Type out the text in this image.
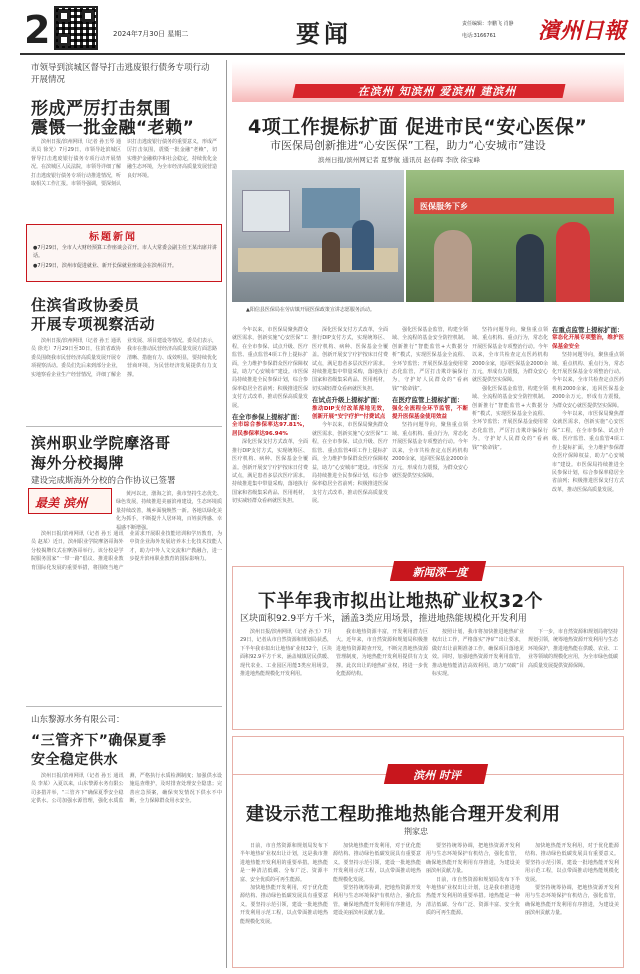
2	2024年7月30日 星期二	要闻	责任编辑：李鹏飞 肖静
电话:3166761 濱州日報
市领导到滨城区督导打击逃废银行债务专项行动开展情况
形成严厉打击氛围
震慑一批金融“老赖”

滨州日报/滨州网讯（记者 孙玉琴 通讯员 徐光）7月29日，市领导赴滨城区督导打击逃废银行债务专项行动开展情况。在滨城区人民法院，市领导详细了解打击逃废银行债务专项行动推进情况，听取相关工作汇报。市领导强调，要深刻认识打击逃废银行债务的重要意义，形成严厉打击氛围，震慑一批金融“老赖”，切实维护金融秩序和社会稳定，持续优化金融生态环境，为全市经济高质量发展营造良好环境。

标题新闻
●7月29日，全市人大财经预算工作座谈会召开。市人大常委会副主任王某出席并讲话。
●7月29日，滨州市促进就业、新开长保就业座谈会在滨州召开。
住滨省政协委员
开展专项视察活动

滨州日报/滨州网讯（记者 孙王 通讯员 徐光）7月29日至30日，住滨省政协委员围绕我市民营经济高质量发展开展专项视察活动。委员们先后来到部分企业，实地察看企业生产经营情况，详细了解企业发展、项目建设等情况。委员们表示，我市在推动民营经济高质量发展方面思路清晰、措施有力、成效明显，要持续优化营商环境，为民营经济发展提供有力支撑。

滨州职业学院摩洛哥
海外分校揭牌
建设完成斯海外分校的合作协议已签署
最美 滨州

黄河以北，渤海之滨，我市坚持生态优先、绿色发展，持续推进美丽滨州建设，生态环境质量持续改善，城乡面貌焕然一新。各地以绿化美化为抓手，不断提升人居环境，百姓获得感、幸福感不断增强。

滨州日报/滨州网讯（记者 孙玉 通讯员 赵某）近日，滨州职业学院摩洛哥海外分校揭牌仪式在摩洛哥举行。该分校是学院服务国家“一带一路”倡议、推进职业教育国际化发展的重要举措，将围绕当地产业需求开展职业技能培训和学历教育，为中资企业海外发展培养本土化技术技能人才，助力中外人文交流和产教融合，进一步提升滨州职业教育的国际影响力。

山东黎源水务有限公司：
“三管齐下”确保夏季
安全稳定供水

滨州日报/滨州网讯（记者 孙玉 通讯员 李某）入夏以来，山东黎源水务有限公司多措并举，“三管齐下”确保夏季安全稳定供水。公司加强水源管理，强化水质监测，严格执行水质检测制度；加强供水设施巡查维护，及时排查处理安全隐患；完善应急预案，确保突发情况下供水不中断，全力保障群众用水安全。

在滨州 知滨州 爱滨州 建滨州
4项工作提标扩面 促进市民“安心医保”
市医保局创新推进“心安医保”工程，助力“心安城市”建设
滨州日报/滨州网记者 夏梦航 通讯员 赵春晖 李欣 徐宝峰
医保服务下乡
▲阳信县医保局在劳店镇开展医保政策宣讲志愿服务活动。

今年以来，市医保局聚焦群众就医需求，创新实施“心安医保”工程，在全市参保、试点升级、医疗监管、重点监管4项工作上提标扩面，全力维护参保群众医疗保障权益，助力“心安城市”建设。市医保局持续推进全民参保计划，综合参保率稳居全省前列；积极推进医保支付方式改革，推动医保高质量发展。

在全市参保上提标扩面：
全市综合参保率达97.81%，居民参保率达96.94%

深化医保支付方式改革，全面推行DIP支付方式，实现统筹区、医疗机构、病种、医保基金全覆盖。创新开展安宁疗护按床日付费试点，满足患者多层次医疗需求。持续推进集中带量采购，落地执行国家和省级集采药品、医用耗材，切实减轻群众看病就医负担。

深化医保支付方式改革，全面推行DIP支付方式，实现统筹区、医疗机构、病种、医保基金全覆盖。创新开展安宁疗护按床日付费试点，满足患者多层次医疗需求。持续推进集中带量采购，落地执行国家和省级集采药品、医用耗材，切实减轻群众看病就医负担。

在试点升级上提标扩面：
推动DIP支付改革落地见效，创新开展“安宁疗护”付费试点

今年以来，市医保局聚焦群众就医需求，创新实施“心安医保”工程，在全市参保、试点升级、医疗监管、重点监管4项工作上提标扩面，全力维护参保群众医疗保障权益，助力“心安城市”建设。市医保局持续推进全民参保计划，综合参保率稳居全省前列；积极推进医保支付方式改革，推动医保高质量发展。

强化医保基金监管，构建全领域、全流程的基金安全防控机制。创新推行“智能监管+大数据分析”模式，实现医保基金全流程、全环节监管；开展医保基金使用常态化监管，严厉打击欺诈骗保行为，守护好人民群众的“看病钱”“救命钱”。

在医疗监管上提标扩面：
强化全流程全环节监管，不断提升医保基金使用效益

坚持问题导向，聚焦重点领域、重点机构、重点行为，常态化开展医保基金专项整治行动。今年以来，全市共检查定点医药机构2000余家，追回医保基金2000余万元，形成有力震慑，为群众安心就医提供坚实保障。

坚持问题导向，聚焦重点领域、重点机构、重点行为，常态化开展医保基金专项整治行动。今年以来，全市共检查定点医药机构2000余家，追回医保基金2000余万元，形成有力震慑，为群众安心就医提供坚实保障。

强化医保基金监管，构建全领域、全流程的基金安全防控机制。创新推行“智能监管+大数据分析”模式，实现医保基金全流程、全环节监管；开展医保基金使用常态化监管，严厉打击欺诈骗保行为，守护好人民群众的“看病钱”“救命钱”。

在重点监管上提标扩面：
常态化开展专项整治，维护医保基金安全

坚持问题导向，聚焦重点领域、重点机构、重点行为，常态化开展医保基金专项整治行动。今年以来，全市共检查定点医药机构2000余家，追回医保基金2000余万元，形成有力震慑，为群众安心就医提供坚实保障。

今年以来，市医保局聚焦群众就医需求，创新实施“心安医保”工程，在全市参保、试点升级、医疗监管、重点监管4项工作上提标扩面，全力维护参保群众医疗保障权益，助力“心安城市”建设。市医保局持续推进全民参保计划，综合参保率稳居全省前列；积极推进医保支付方式改革，推动医保高质量发展。

新闻深一度
下半年我市拟出让地热矿业权32个
区块面积92.9平方千米，涵盖3类应用场景，推进地热能规模化开发利用

滨州日报/滨州网讯（记者 孙玉）7月29日，记者从市自然资源和规划局获悉，下半年我市拟出让地热矿业权32个，区块面积92.9平方千米，涵盖城镇居民供暖、现代农业、工业园区用能3类应用场景，推进地热能规模化开发利用。

我市地热资源丰富，开发利用潜力巨大。近年来，市自然资源和规划局积极推进地热资源勘查开发，不断完善地热资源管理制度，为地热能开发利用提供有力支撑。此次出让的地热矿业权，将进一步优化能源结构。

按照计划，我市将加快推进地热矿业权出让工作，严格落实“净矿”出让要求，做好出让前期准备工作，确保项目落地见效。同时，加强地热资源开发利用监管，推动地热能清洁高效利用，助力“双碳”目标实现。

下一步，市自然资源和规划局将坚持规划引领，统筹地热资源开发利用与生态环境保护，推进地热能在供暖、农业、工业等领域的规模化应用，为全市绿色低碳高质量发展提供资源保障。

滨州 时评
建设示范工程助推地热能合理开发利用
荆家忠

日前，市自然资源和规划局发布下半年地热矿业权出让计划，这是我市推进地热能开发利用的重要举措。地热能是一种清洁低碳、分布广泛、资源丰富、安全优质的可再生能源。

加快地热能开发利用，对于优化能源结构、推动绿色低碳发展具有重要意义。要坚持示范引领，建设一批地热能开发利用示范工程，以点带面推动地热能规模化发展。

加快地热能开发利用，对于优化能源结构、推动绿色低碳发展具有重要意义。要坚持示范引领，建设一批地热能开发利用示范工程，以点带面推动地热能规模化发展。

要坚持统筹协调，把地热资源开发利用与生态环境保护有机结合，强化监管，确保地热能开发利用有序推进，为建设美丽滨州贡献力量。

要坚持统筹协调，把地热资源开发利用与生态环境保护有机结合，强化监管，确保地热能开发利用有序推进，为建设美丽滨州贡献力量。

日前，市自然资源和规划局发布下半年地热矿业权出让计划，这是我市推进地热能开发利用的重要举措。地热能是一种清洁低碳、分布广泛、资源丰富、安全优质的可再生能源。

加快地热能开发利用，对于优化能源结构、推动绿色低碳发展具有重要意义。要坚持示范引领，建设一批地热能开发利用示范工程，以点带面推动地热能规模化发展。

要坚持统筹协调，把地热资源开发利用与生态环境保护有机结合，强化监管，确保地热能开发利用有序推进，为建设美丽滨州贡献力量。
